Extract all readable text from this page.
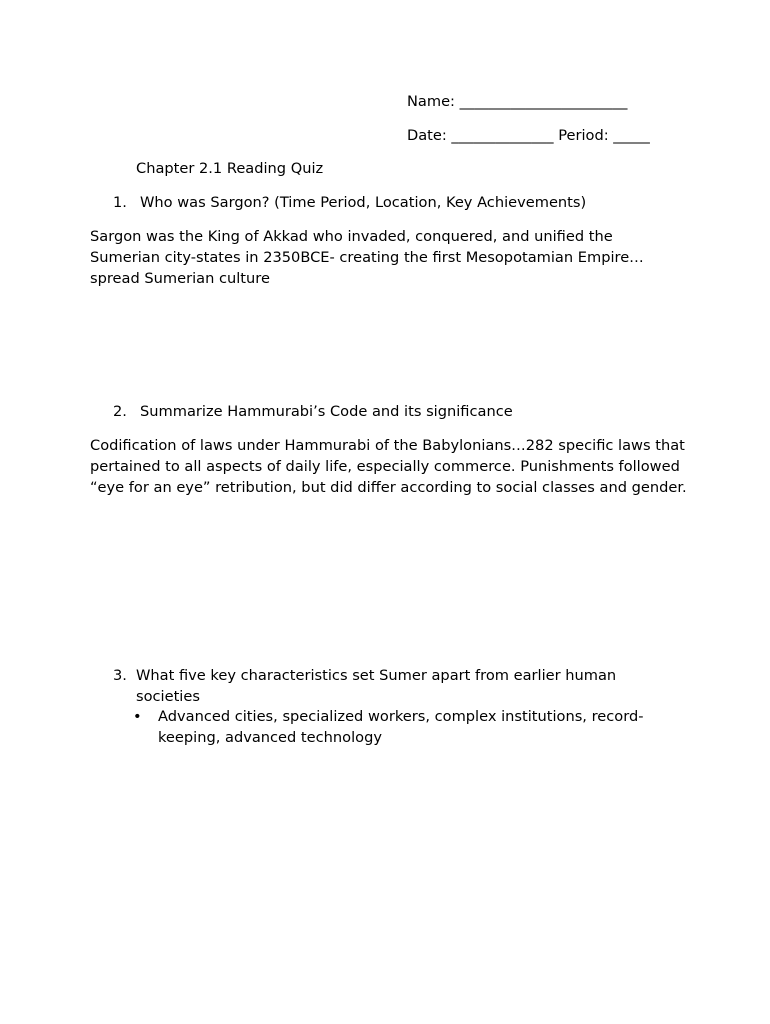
Name: _______________________
Date: ______________ Period: _____
Chapter 2.1 Reading Quiz
1. Who was Sargon? (Time Period, Location, Key Achievements)
Sargon was the King of Akkad who invaded, conquered, and unified the Sumerian city-states in 2350BCE- creating the first Mesopotamian Empire… spread Sumerian culture
2. Summarize Hammurabi’s Code and its significance
Codification of laws under Hammurabi of the Babylonians…282 specific laws that pertained to all aspects of daily life, especially commerce. Punishments followed “eye for an eye” retribution, but did differ according to social classes and gender.
3. What five key characteristics set Sumer apart from earlier human societies
• Advanced cities, specialized workers, complex institutions, record-keeping, advanced technology
